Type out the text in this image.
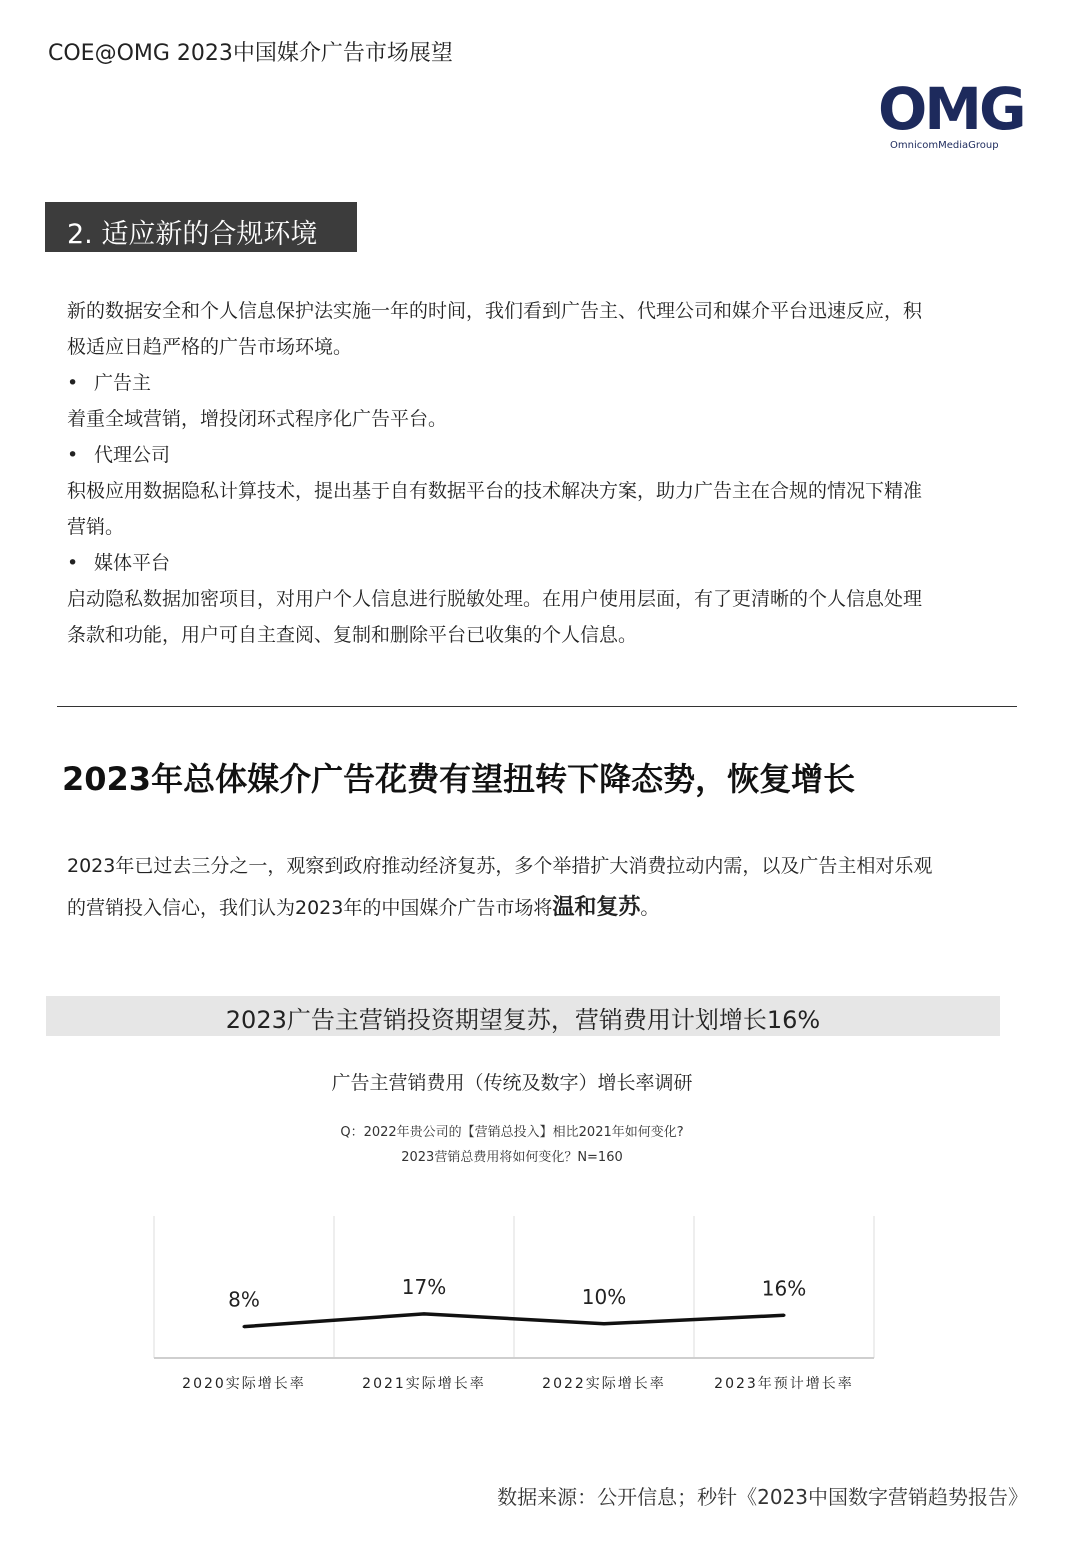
COE@OMG 2023中国媒介广告市场展望
OMG
OmnicomMediaGroup
2. 适应新的合规环境
新的数据安全和个人信息保护法实施一年的时间，我们看到广告主、代理公司和媒介平台迅速反应，积
极适应日趋严格的广告市场环境。
• 广告主
着重全域营销，增投闭环式程序化广告平台。
• 代理公司
积极应用数据隐私计算技术，提出基于自有数据平台的技术解决方案，助力广告主在合规的情况下精准
营销。
• 媒体平台
启动隐私数据加密项目，对用户个人信息进行脱敏处理。在用户使用层面，有了更清晰的个人信息处理
条款和功能，用户可自主查阅、复制和删除平台已收集的个人信息。
2023年总体媒介广告花费有望扭转下降态势，恢复增长
2023年已过去三分之一，观察到政府推动经济复苏，多个举措扩大消费拉动内需，以及广告主相对乐观
的营销投入信心，我们认为2023年的中国媒介广告市场将温和复苏。
2023广告主营销投资期望复苏，营销费用计划增长16%
广告主营销费用（传统及数字）增长率调研
Q：2022年贵公司的【营销总投入】相比2021年如何变化?
2023营销总费用将如何变化？N=160
8%
2020实际增长率
17%
2021实际增长率
10%
2022实际增长率
16%
2023年预计增长率
数据来源：公开信息；秒针《2023中国数字营销趋势报告》
